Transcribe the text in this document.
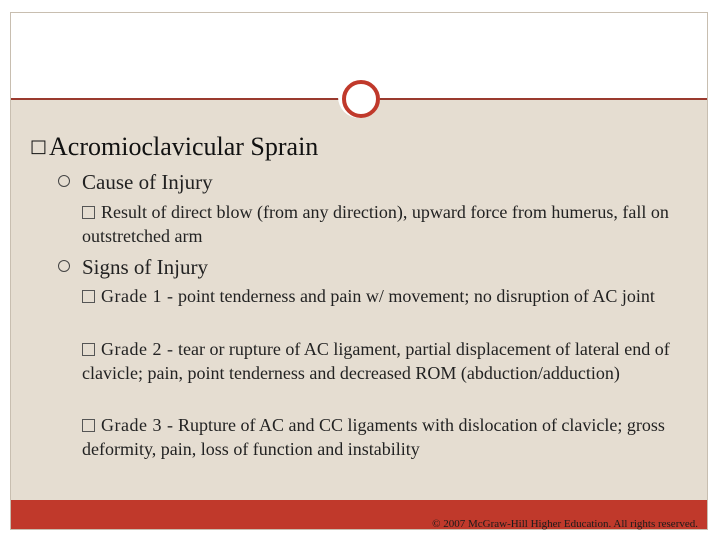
□Acromioclavicular Sprain
Cause of Injury
Result of direct blow (from any direction), upward force from humerus, fall on outstretched arm
Signs of Injury
Grade 1 - point tenderness and pain w/ movement; no disruption of AC joint
Grade 2 - tear or rupture of AC ligament, partial displacement of lateral end of clavicle; pain, point tenderness and decreased ROM (abduction/adduction)
Grade 3 - Rupture of AC and CC ligaments with dislocation of clavicle; gross deformity, pain, loss of function and instability
© 2007 McGraw-Hill Higher Education. All rights reserved.
